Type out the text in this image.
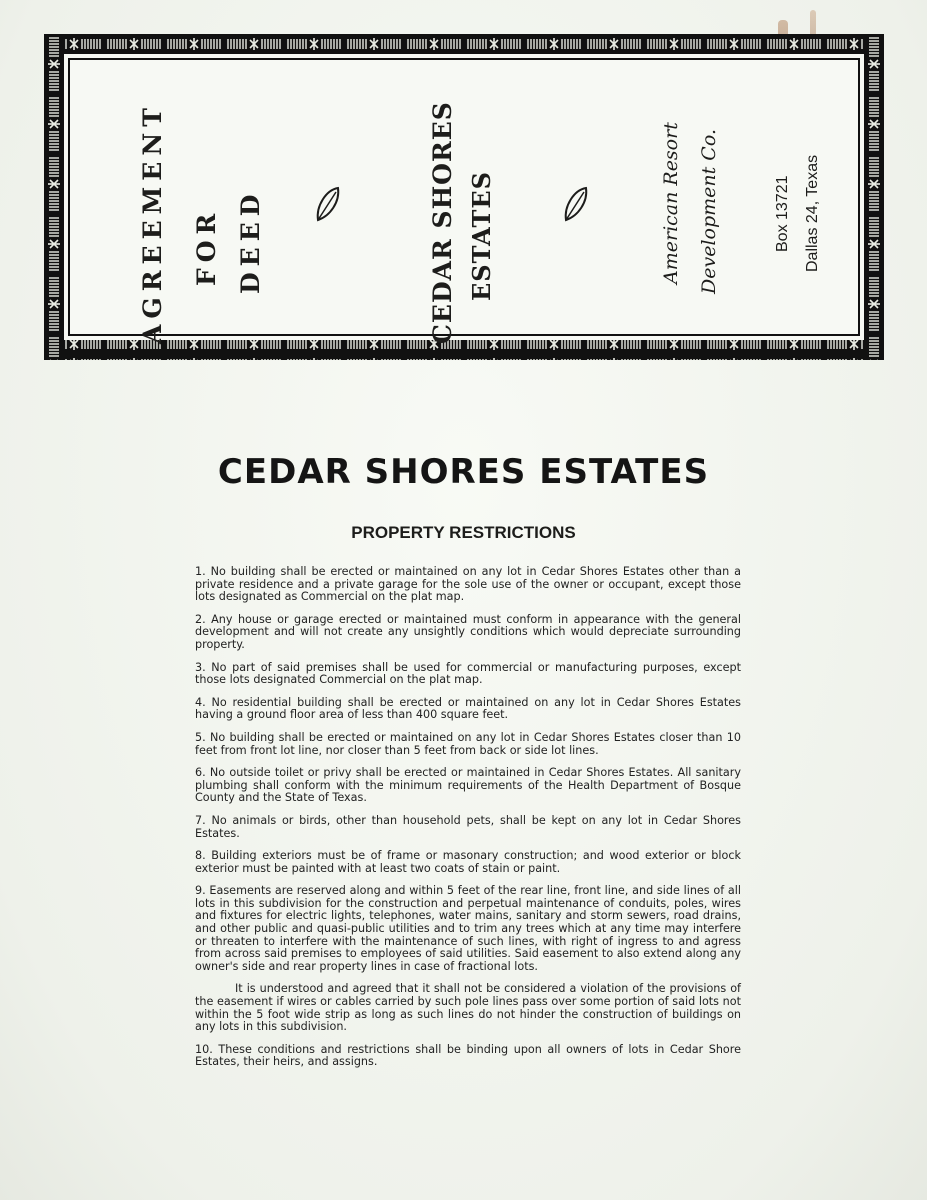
AGREEMENT FOR DEED	CEDAR SHORES ESTATES	American Resort Development Co.	Box 13721 Dallas 24, Texas
CEDAR SHORES ESTATES
PROPERTY RESTRICTIONS

1. No building shall be erected or maintained on any lot in Cedar Shores Estates other than a private residence and a private garage for the sole use of the owner or occupant, except those lots designated as Commercial on the plat map.

2. Any house or garage erected or maintained must conform in appearance with the general development and will not create any unsightly conditions which would depreciate surrounding property.

3. No part of said premises shall be used for commercial or manufacturing purposes, except those lots designated Commercial on the plat map.

4. No residential building shall be erected or maintained on any lot in Cedar Shores Estates having a ground floor area of less than 400 square feet.

5. No building shall be erected or maintained on any lot in Cedar Shores Estates closer than 10 feet from front lot line, nor closer than 5 feet from back or side lot lines.

6. No outside toilet or privy shall be erected or maintained in Cedar Shores Estates. All sanitary plumbing shall conform with the minimum requirements of the Health Department of Bosque County and the State of Texas.

7. No animals or birds, other than household pets, shall be kept on any lot in Cedar Shores Estates.

8. Building exteriors must be of frame or masonary construction; and wood exterior or block exterior must be painted with at least two coats of stain or paint.

9. Easements are reserved along and within 5 feet of the rear line, front line, and side lines of all lots in this subdivision for the construction and perpetual maintenance of conduits, poles, wires and fixtures for electric lights, telephones, water mains, sanitary and storm sewers, road drains, and other public and quasi-public utilities and to trim any trees which at any time may interfere or threaten to interfere with the maintenance of such lines, with right of ingress to and agress from across said premises to employees of said utilities. Said easement to also extend along any owner's side and rear property lines in case of fractional lots.

It is understood and agreed that it shall not be considered a violation of the provisions of the easement if wires or cables carried by such pole lines pass over some portion of said lots not within the 5 foot wide strip as long as such lines do not hinder the construction of buildings on any lots in this subdivision.

10. These conditions and restrictions shall be binding upon all owners of lots in Cedar Shore Estates, their heirs, and assigns.
